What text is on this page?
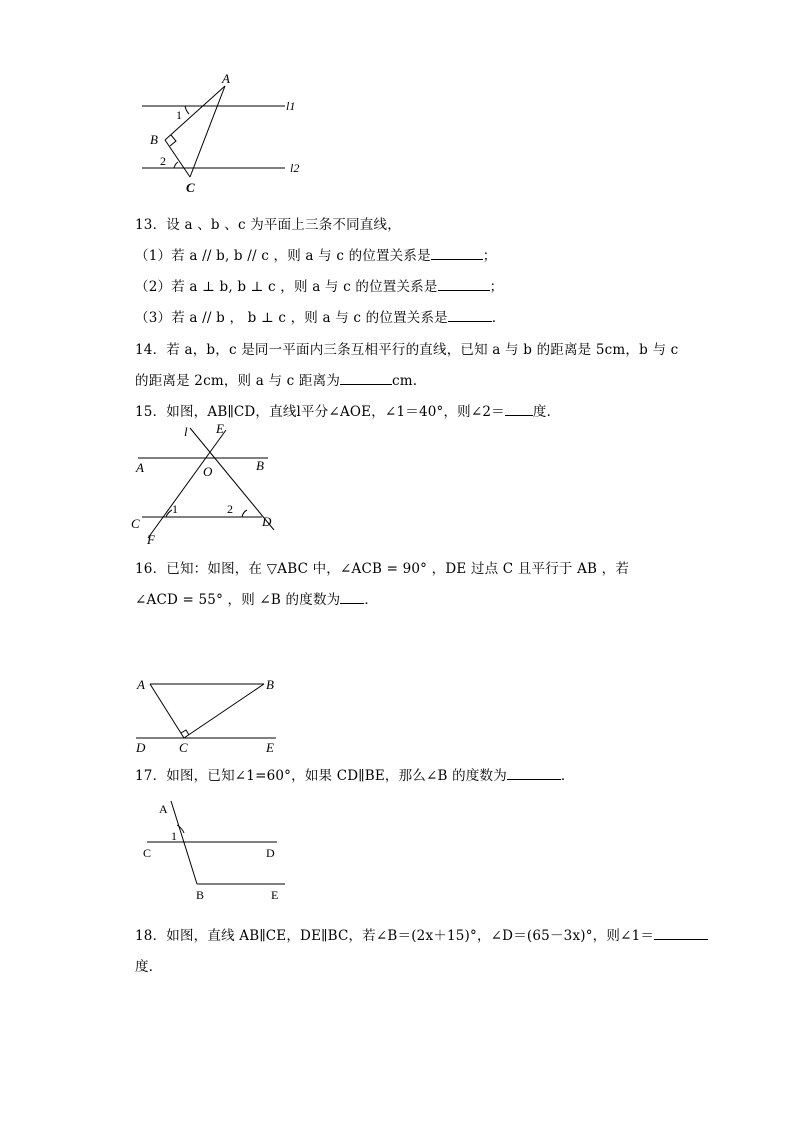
A
B
C
1
2
l1
l2
13．设 a 、b 、c 为平面上三条不同直线，
（1）若 a // b, b // c ，则 a 与 c 的位置关系是	；
（2）若 a ⊥ b, b ⊥ c ，则 a 与 c 的位置关系是	；
（3）若 a // b ， b ⊥ c ，则 a 与 c 的位置关系是	．
14．若 a，b，c 是同一平面内三条互相平行的直线，已知 a 与 b 的距离是 5cm，b 与 c
的距离是 2cm，则 a 与 c 距离为	cm.
15．如图，AB∥CD，直线l平分∠AOE，∠1＝40°，则∠2＝ 度．
l E
A	O	B
C	D
F
1	2
16．已知：如图，在 ▽ABC 中，∠ACB = 90° ，DE 过点 C 且平行于 AB ，若
∠ACD = 55° ，则 ∠B 的度数为 ．
A	B
D	C	E
17．如图，已知∠1=60°，如果 CD∥BE，那么∠B 的度数为	．
A
1
C	D
B	E
18．如图，直线 AB∥CE，DE∥BC，若∠B＝(2x＋15)°，∠D＝(65－3x)°，则∠1＝
度．
